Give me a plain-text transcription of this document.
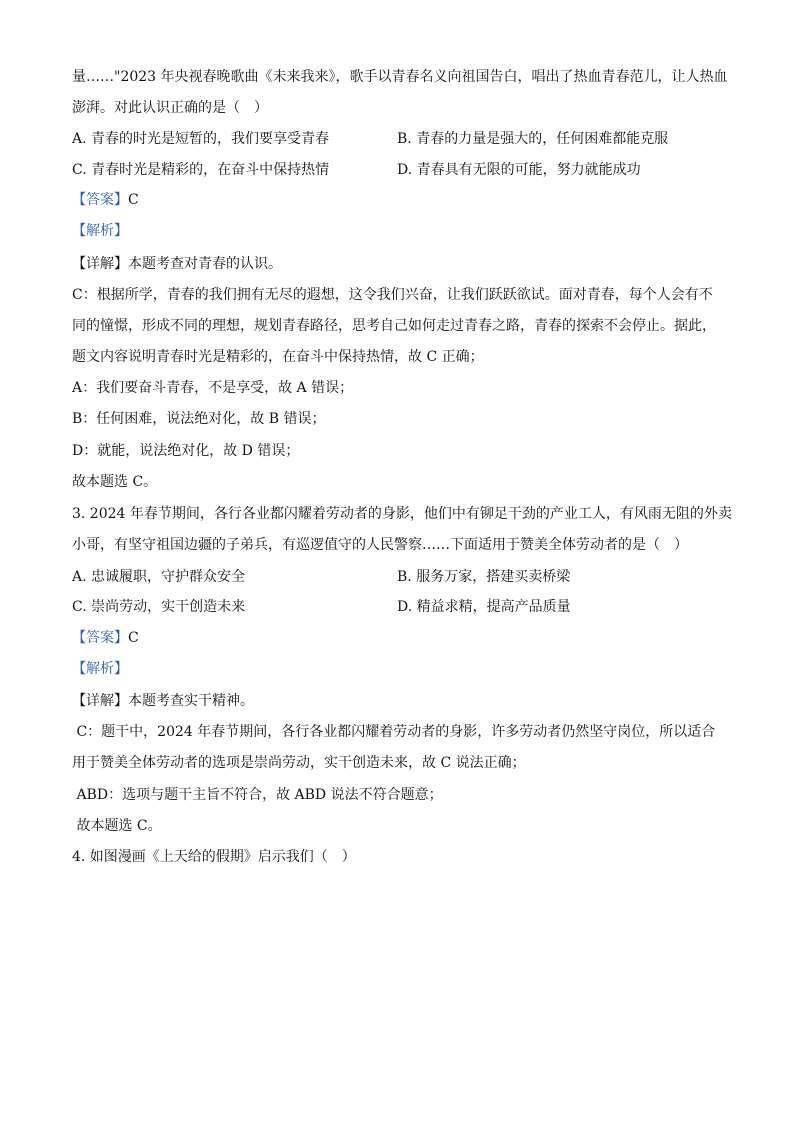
量……"2023 年央视春晚歌曲《未来我来》，歌手以青春名义向祖国告白，唱出了热血青春范儿，让人热血
澎湃。对此认识正确的是（　）
A. 青春的时光是短暂的，我们要享受青春	B. 青春的力量是强大的，任何困难都能克服
C. 青春时光是精彩的，在奋斗中保持热情	D. 青春具有无限的可能，努力就能成功
【答案】C
【解析】
【详解】本题考查对青春的认识。
C：根据所学，青春的我们拥有无尽的遐想，这令我们兴奋，让我们跃跃欲试。面对青春，每个人会有不
同的憧憬，形成不同的理想，规划青春路径，思考自己如何走过青春之路，青春的探索不会停止。据此，
题文内容说明青春时光是精彩的，在奋斗中保持热情，故 C 正确；
A：我们要奋斗青春，不是享受，故 A 错误；
B：任何困难，说法绝对化，故 B 错误；
D：就能，说法绝对化，故 D 错误；
故本题选 C。
3. 2024 年春节期间，各行各业都闪耀着劳动者的身影，他们中有铆足干劲的产业工人，有风雨无阻的外卖
小哥，有坚守祖国边疆的子弟兵，有巡逻值守的人民警察……下面适用于赞美全体劳动者的是（　）
A. 忠诚履职，守护群众安全	B. 服务万家，搭建买卖桥梁
C. 崇尚劳动，实干创造未来	D. 精益求精，提高产品质量
【答案】C
【解析】
【详解】本题考查实干精神。
C：题干中，2024 年春节期间，各行各业都闪耀着劳动者的身影，许多劳动者仍然坚守岗位，所以适合
用于赞美全体劳动者的选项是崇尚劳动，实干创造未来，故 C 说法正确；
ABD：选项与题干主旨不符合，故 ABD 说法不符合题意；
故本题选 C。
4. 如图漫画《上天给的假期》启示我们（　）
